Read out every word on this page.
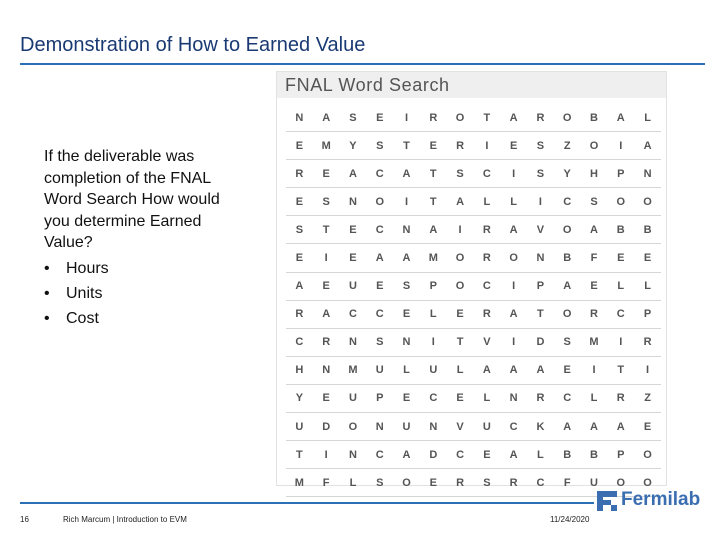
Demonstration of How to Earned Value
If the deliverable was completion of the FNAL Word Search How would you determine Earned Value?
• Hours
• Units
• Cost
FNAL Word Search
N	A	S	E	I	R	O	T	A	R	O	B	A	L
E	M	Y	S	T	E	R	I	E	S	Z	O	I	A
R	E	A	C	A	T	S	C	I	S	Y	H	P	N
E	S	N	O	I	T	A	L	L	I	C	S	O	O
S	T	E	C	N	A	I	R	A	V	O	A	B	B
E	I	E	A	A	M	O	R	O	N	B	F	E	E
A	E	U	E	S	P	O	C	I	P	A	E	L	L
R	A	C	C	E	L	E	R	A	T	O	R	C	P
C	R	N	S	N	I	T	V	I	D	S	M	I	R
H	N	M	U	L	U	L	A	A	A	E	I	T	I
Y	E	U	P	E	C	E	L	N	R	C	L	R	Z
U	D	O	N	U	N	V	U	C	K	A	A	A	E
T	I	N	C	A	D	C	E	A	L	B	B	P	O
M	F	L	S	O	E	R	S	R	C	F	U	O	O
16	Rich Marcum | Introduction to EVM	11/24/2020
Fermilab
